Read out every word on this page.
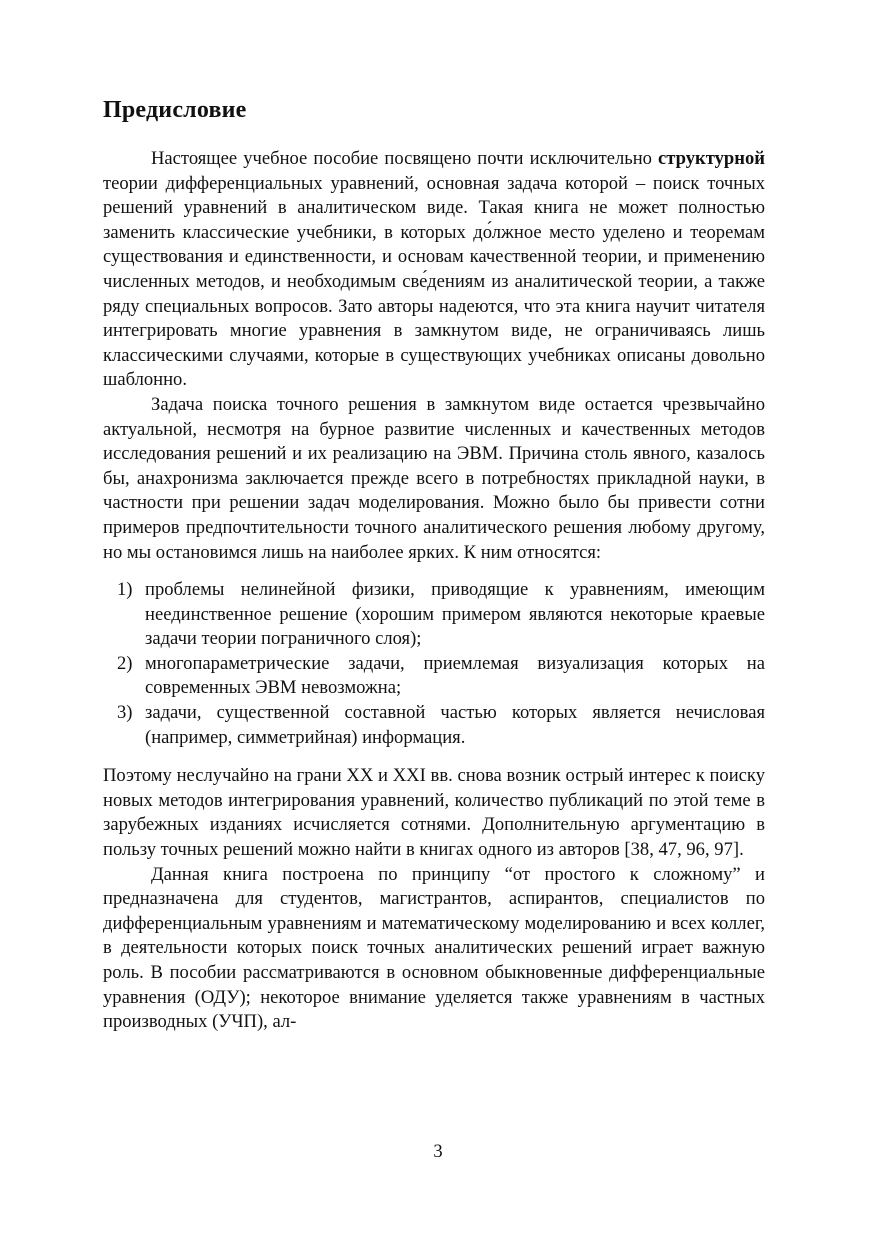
Предисловие

Настоящее учебное пособие посвящено почти исключительно структурной теории дифференциальных уравнений, основная задача которой – поиск точных решений уравнений в аналитическом виде. Такая книга не может полностью заменить классические учебники, в которых до́лжное место уделено и теоремам существования и единственности, и основам качественной теории, и применению численных методов, и необходимым све́дениям из аналитической теории, а также ряду специальных вопросов. Зато авторы надеются, что эта книга научит читателя интегрировать многие уравнения в замкнутом виде, не ограничиваясь лишь классическими случаями, которые в существующих учебниках описаны довольно шаблонно.

Задача поиска точного решения в замкнутом виде остается чрезвычайно актуальной, несмотря на бурное развитие численных и качественных методов исследования решений и их реализацию на ЭВМ. Причина столь явного, казалось бы, анахронизма заключается прежде всего в потребностях прикладной науки, в частности при решении задач моделирования. Можно было бы привести сотни примеров предпочтительности точного аналитического решения любому другому, но мы остановимся лишь на наиболее ярких. К ним относятся:

1) проблемы нелинейной физики, приводящие к уравнениям, имеющим неединственное решение (хорошим примером являются некоторые краевые задачи теории пограничного слоя);
2) многопараметрические задачи, приемлемая визуализация которых на современных ЭВМ невозможна;
3) задачи, существенной составной частью которых является нечисловая (например, симметрийная) информация.

Поэтому неслучайно на грани XX и XXI вв. снова возник острый интерес к поиску новых методов интегрирования уравнений, количество публикаций по этой теме в зарубежных изданиях исчисляется сотнями. Дополнительную аргументацию в пользу точных решений можно найти в книгах одного из авторов [38, 47, 96, 97].

Данная книга построена по принципу “от простого к сложному” и предназначена для студентов, магистрантов, аспирантов, специалистов по дифференциальным уравнениям и математическому моделированию и всех коллег, в деятельности которых поиск точных аналитических решений играет важную роль. В пособии рассматриваются в основном обыкновенные дифференциальные уравнения (ОДУ); некоторое внимание уделяется также уравнениям в частных производных (УЧП), ал-

3
